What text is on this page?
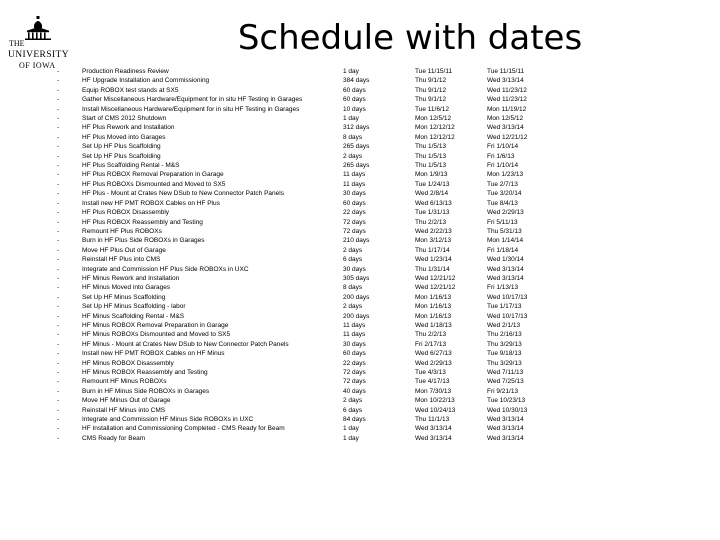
THE
UNIVERSITY
OF IOWA
Schedule with dates
-	Production Readiness Review	1 day	Tue 11/15/11	Tue 11/15/11
-	HF Upgrade Installation and Commissioning	384 days	Thu 9/1/12	Wed 3/13/14
-	Equip ROBOX test stands at SX5	60 days	Thu 9/1/12	Wed 11/23/12
-	Gather Miscellaneous Hardware/Equipment for in situ HF Testing in Garages	60 days	Thu 9/1/12	Wed 11/23/12
-	Install Miscellaneous Hardware/Equipment for in situ HF Testing in Garages	10 days	Tue 11/6/12	Mon 11/19/12
-	Start of CMS 2012 Shutdown	1 day	Mon 12/5/12	Mon 12/5/12
-	HF Plus Rework and Installation	312 days	Mon 12/12/12	Wed 3/13/14
-	HF Plus Moved into Garages	8 days	Mon 12/12/12	Wed 12/21/12
-	Set Up HF Plus Scaffolding	265 days	Thu 1/5/13	Fri 1/10/14
-	Set Up HF Plus Scaffolding	2 days	Thu 1/5/13	Fri 1/6/13
-	HF Plus Scaffolding Rental - M&S	265 days	Thu 1/5/13	Fri 1/10/14
-	HF Plus ROBOX Removal Preparation in Garage	11 days	Mon 1/9/13	Mon 1/23/13
-	HF Plus ROBOXs Dismounted and Moved to SX5	11 days	Tue 1/24/13	Tue 2/7/13
-	HF Plus - Mount at Crates New DSub to New Connector Patch Panels	30 days	Wed 2/8/14	Tue 3/20/14
-	Install new HF PMT ROBOX Cables on HF Plus	60 days	Wed 6/13/13	Tue 8/4/13
-	HF Plus ROBOX Disassembly	22 days	Tue 1/31/13	Wed 2/29/13
-	HF Plus ROBOX Reassembly and Testing	72 days	Thu 2/2/13	Fri 5/11/13
-	Remount HF Plus ROBOXs	72 days	Wed 2/22/13	Thu 5/31/13
-	Burn in HF Plus Side ROBOXs in Garages	210 days	Mon 3/12/13	Mon 1/14/14
-	Move HF Plus Out of Garage	2 days	Thu 1/17/14	Fri 1/18/14
-	Reinstall HF Plus into CMS	6 days	Wed 1/23/14	Wed 1/30/14
-	Integrate and Commission HF Plus Side ROBOXs in UXC	30 days	Thu 1/31/14	Wed 3/13/14
-	HF Minus Rework and Installation	305 days	Wed 12/21/12	Wed 3/13/14
-	HF Minus Moved into Garages	8 days	Wed 12/21/12	Fri 1/13/13
-	Set Up HF Minus Scaffolding	200 days	Mon 1/16/13	Wed 10/17/13
-	Set Up HF Minus Scaffolding - labor	2 days	Mon 1/16/13	Tue 1/17/13
-	HF Minus Scaffolding Rental - M&S	200 days	Mon 1/16/13	Wed 10/17/13
-	HF Minus ROBOX Removal Preparation in Garage	11 days	Wed 1/18/13	Wed 2/1/13
-	HF Minus ROBOXs Dismounted and Moved to SX5	11 days	Thu 2/2/13	Thu 2/16/13
-	HF Minus - Mount at Crates New DSub to New Connector Patch Panels	30 days	Fri 2/17/13	Thu 3/29/13
-	Install new HF PMT ROBOX Cables on HF Minus	60 days	Wed 6/27/13	Tue 9/18/13
-	HF Minus ROBOX Disassembly	22 days	Wed 2/29/13	Thu 3/29/13
-	HF Minus ROBOX Reassembly and Testing	72 days	Tue 4/3/13	Wed 7/11/13
-	Remount HF Minus ROBOXs	72 days	Tue 4/17/13	Wed 7/25/13
-	Burn in HF Minus Side ROBOXs in Garages	40 days	Mon 7/30/13	Fri 9/21/13
-	Move HF Minus Out of Garage	2 days	Mon 10/22/13	Tue 10/23/13
-	Reinstall HF Minus into CMS	6 days	Wed 10/24/13	Wed 10/30/13
-	Integrate and Commission HF Minus Side ROBOXs in UXC	84 days	Thu 11/1/13	Wed 3/13/14
-	HF Installation and Commissioning Completed - CMS Ready for Beam	1 day	Wed 3/13/14	Wed 3/13/14
-	CMS Ready for Beam	1 day	Wed 3/13/14	Wed 3/13/14
